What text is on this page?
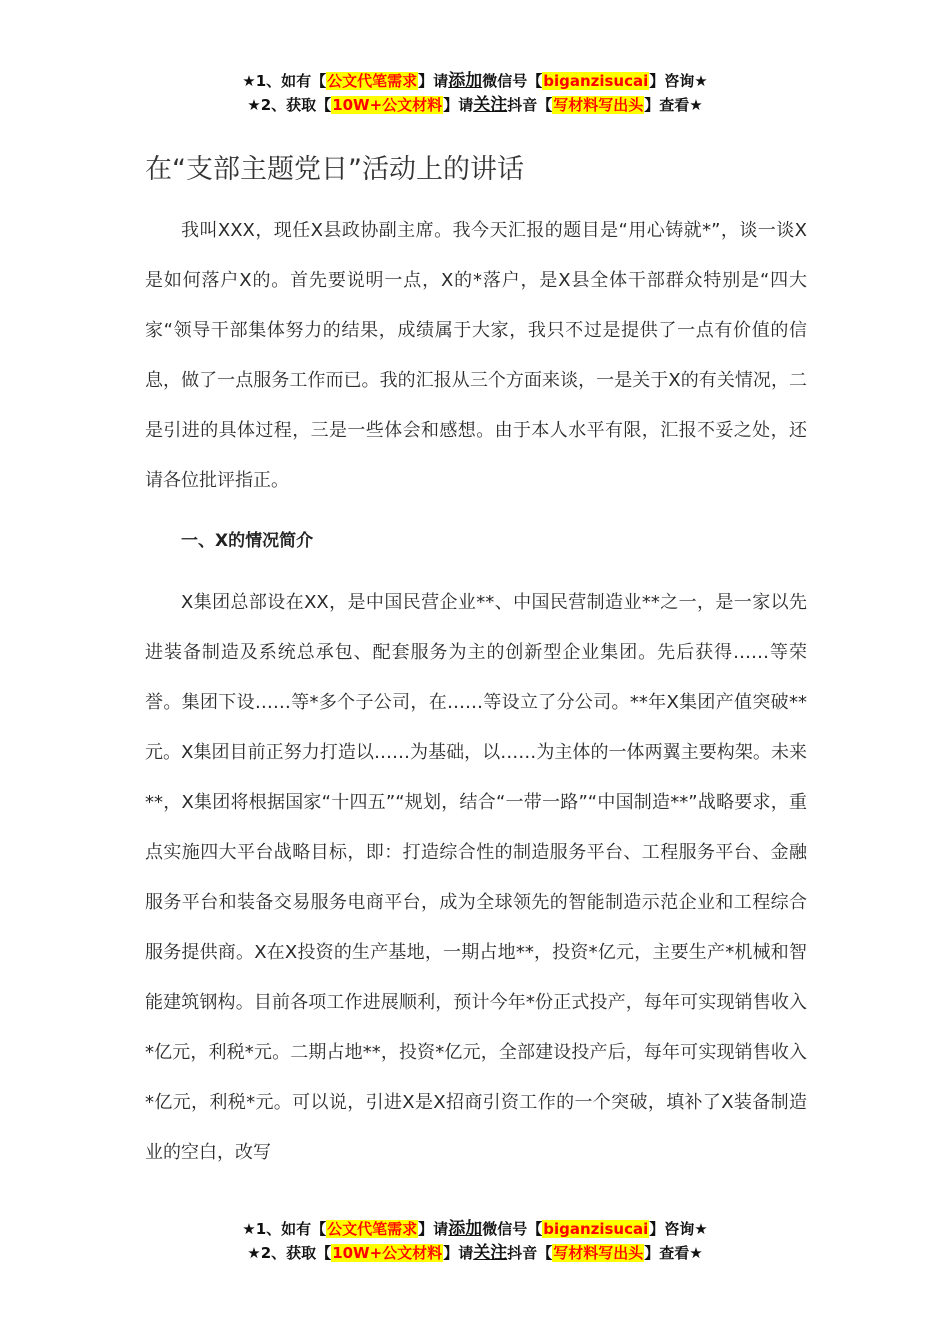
★1、如有【公文代笔需求】请添加微信号【biganzisucai】咨询★
★2、获取【10W+公文材料】请关注抖音【写材料写出头】查看★
在“支部主题党日”活动上的讲话

我叫XXX，现任X县政协副主席。我今天汇报的题目是“用心铸就*”，谈一谈X是如何落户X的。首先要说明一点，X的*落户，是X县全体干部群众特别是“四大家“领导干部集体努力的结果，成绩属于大家，我只不过是提供了一点有价值的信息，做了一点服务工作而已。我的汇报从三个方面来谈，一是关于X的有关情况，二是引进的具体过程，三是一些体会和感想。由于本人水平有限，汇报不妥之处，还请各位批评指正。

一、X的情况简介

X集团总部设在XX，是中国民营企业**、中国民营制造业**之一，是一家以先进装备制造及系统总承包、配套服务为主的创新型企业集团。先后获得……等荣誉。集团下设……等*多个子公司，在……等设立了分公司。**年X集团产值突破**元。X集团目前正努力打造以……为基础，以……为主体的一体两翼主要构架。未来**，X集团将根据国家“十四五”“规划，结合“一带一路”“中国制造**”战略要求，重点实施四大平台战略目标，即：打造综合性的制造服务平台、工程服务平台、金融服务平台和装备交易服务电商平台，成为全球领先的智能制造示范企业和工程综合服务提供商。X在X投资的生产基地，一期占地**，投资*亿元，主要生产*机械和智能建筑钢构。目前各项工作进展顺利，预计今年*份正式投产，每年可实现销售收入*亿元，利税*元。二期占地**，投资*亿元，全部建设投产后，每年可实现销售收入*亿元，利税*元。可以说，引进X是X招商引资工作的一个突破，填补了X装备制造业的空白，改写

★1、如有【公文代笔需求】请添加微信号【biganzisucai】咨询★
★2、获取【10W+公文材料】请关注抖音【写材料写出头】查看★
